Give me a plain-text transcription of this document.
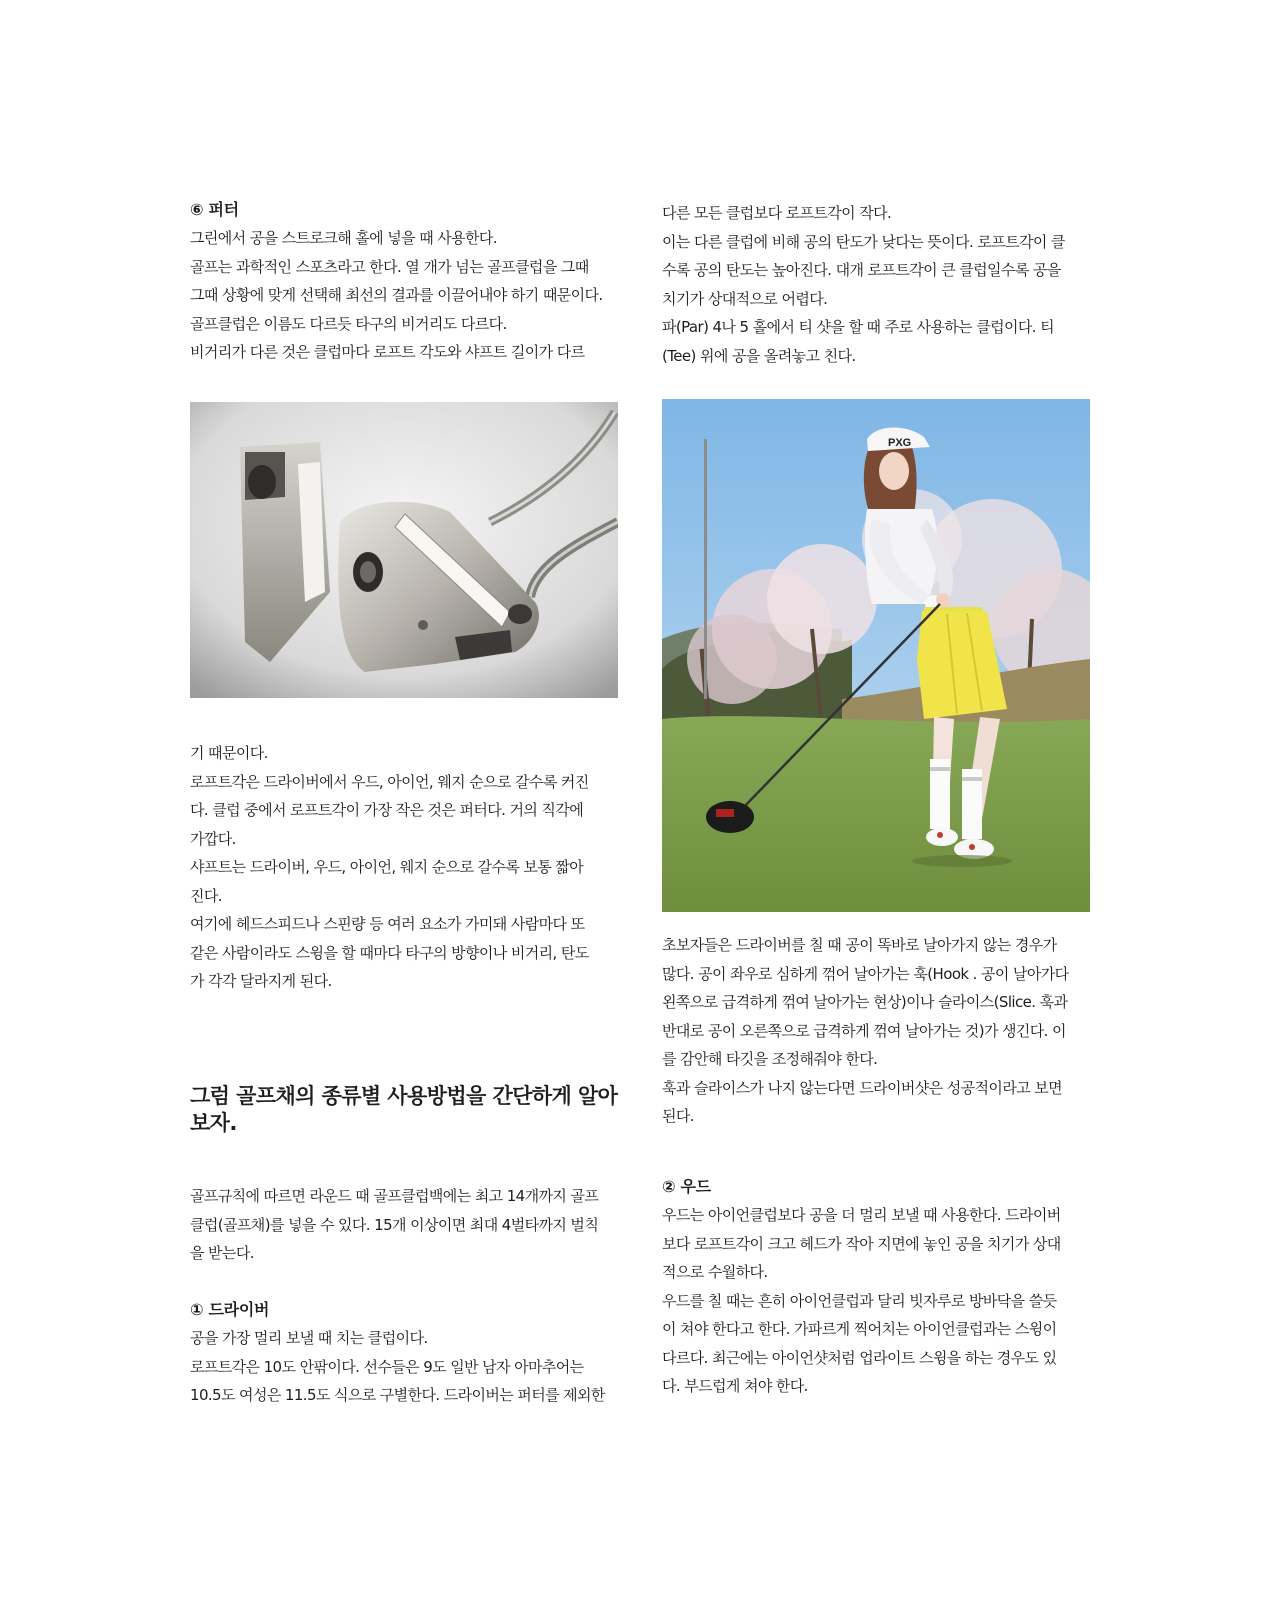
⑥ 퍼터

그린에서 공을 스트로크해 홀에 넣을 때 사용한다.

골프는 과학적인 스포츠라고 한다. 열 개가 넘는 골프클럽을 그때

그때 상황에 맞게 선택해 최선의 결과를 이끌어내야 하기 때문이다.

골프클럽은 이름도 다르듯 타구의 비거리도 다르다.

비거리가 다른 것은 클럽마다 로프트 각도와 샤프트 길이가 다르

기 때문이다.

로프트각은 드라이버에서 우드, 아이언, 웨지 순으로 갈수록 커진

다. 클럽 중에서 로프트각이 가장 작은 것은 퍼터다. 거의 직각에

가깝다.

샤프트는 드라이버, 우드, 아이언, 웨지 순으로 갈수록 보통 짧아

진다.

여기에 헤드스피드나 스핀량 등 여러 요소가 가미돼 사람마다 또

같은 사람이라도 스윙을 할 때마다 타구의 방향이나 비거리, 탄도

가 각각 달라지게 된다.

그럼 골프채의 종류별 사용방법을 간단하게 알아

보자.

골프규칙에 따르면 라운드 때 골프클럽백에는 최고 14개까지 골프

클럽(골프채)를 넣을 수 있다. 15개 이상이면 최대 4벌타까지 벌칙

을 받는다.

① 드라이버

공을 가장 멀리 보낼 때 치는 클럽이다.

로프트각은 10도 안팎이다. 선수들은 9도 일반 남자 아마추어는

10.5도 여성은 11.5도 식으로 구별한다. 드라이버는 퍼터를 제외한

다른 모든 클럽보다 로프트각이 작다.

이는 다른 클럽에 비해 공의 탄도가 낮다는 뜻이다. 로프트각이 클

수록 공의 탄도는 높아진다. 대개 로프트각이 큰 클럽일수록 공을

치기가 상대적으로 어렵다.

파(Par) 4나 5 홀에서 티 샷을 할 때 주로 사용하는 클럽이다. 티

(Tee) 위에 공을 올려놓고 친다.

PXG

초보자들은 드라이버를 칠 때 공이 똑바로 날아가지 않는 경우가

많다. 공이 좌우로 심하게 꺾어 날아가는 훅(Hook . 공이 날아가다

왼쪽으로 급격하게 꺾여 날아가는 현상)이나 슬라이스(Slice. 훅과

반대로 공이 오른쪽으로 급격하게 꺾여 날아가는 것)가 생긴다. 이

를 감안해 타깃을 조정해줘야 한다.

훅과 슬라이스가 나지 않는다면 드라이버샷은 성공적이라고 보면

된다.

② 우드

우드는 아이언클럽보다 공을 더 멀리 보낼 때 사용한다. 드라이버

보다 로프트각이 크고 헤드가 작아 지면에 놓인 공을 치기가 상대

적으로 수월하다.

우드를 칠 때는 흔히 아이언클럽과 달리 빗자루로 방바닥을 쓸듯

이 쳐야 한다고 한다. 가파르게 찍어치는 아이언클럽과는 스윙이

다르다. 최근에는 아이언샷처럼 업라이트 스윙을 하는 경우도 있

다. 부드럽게 쳐야 한다.
